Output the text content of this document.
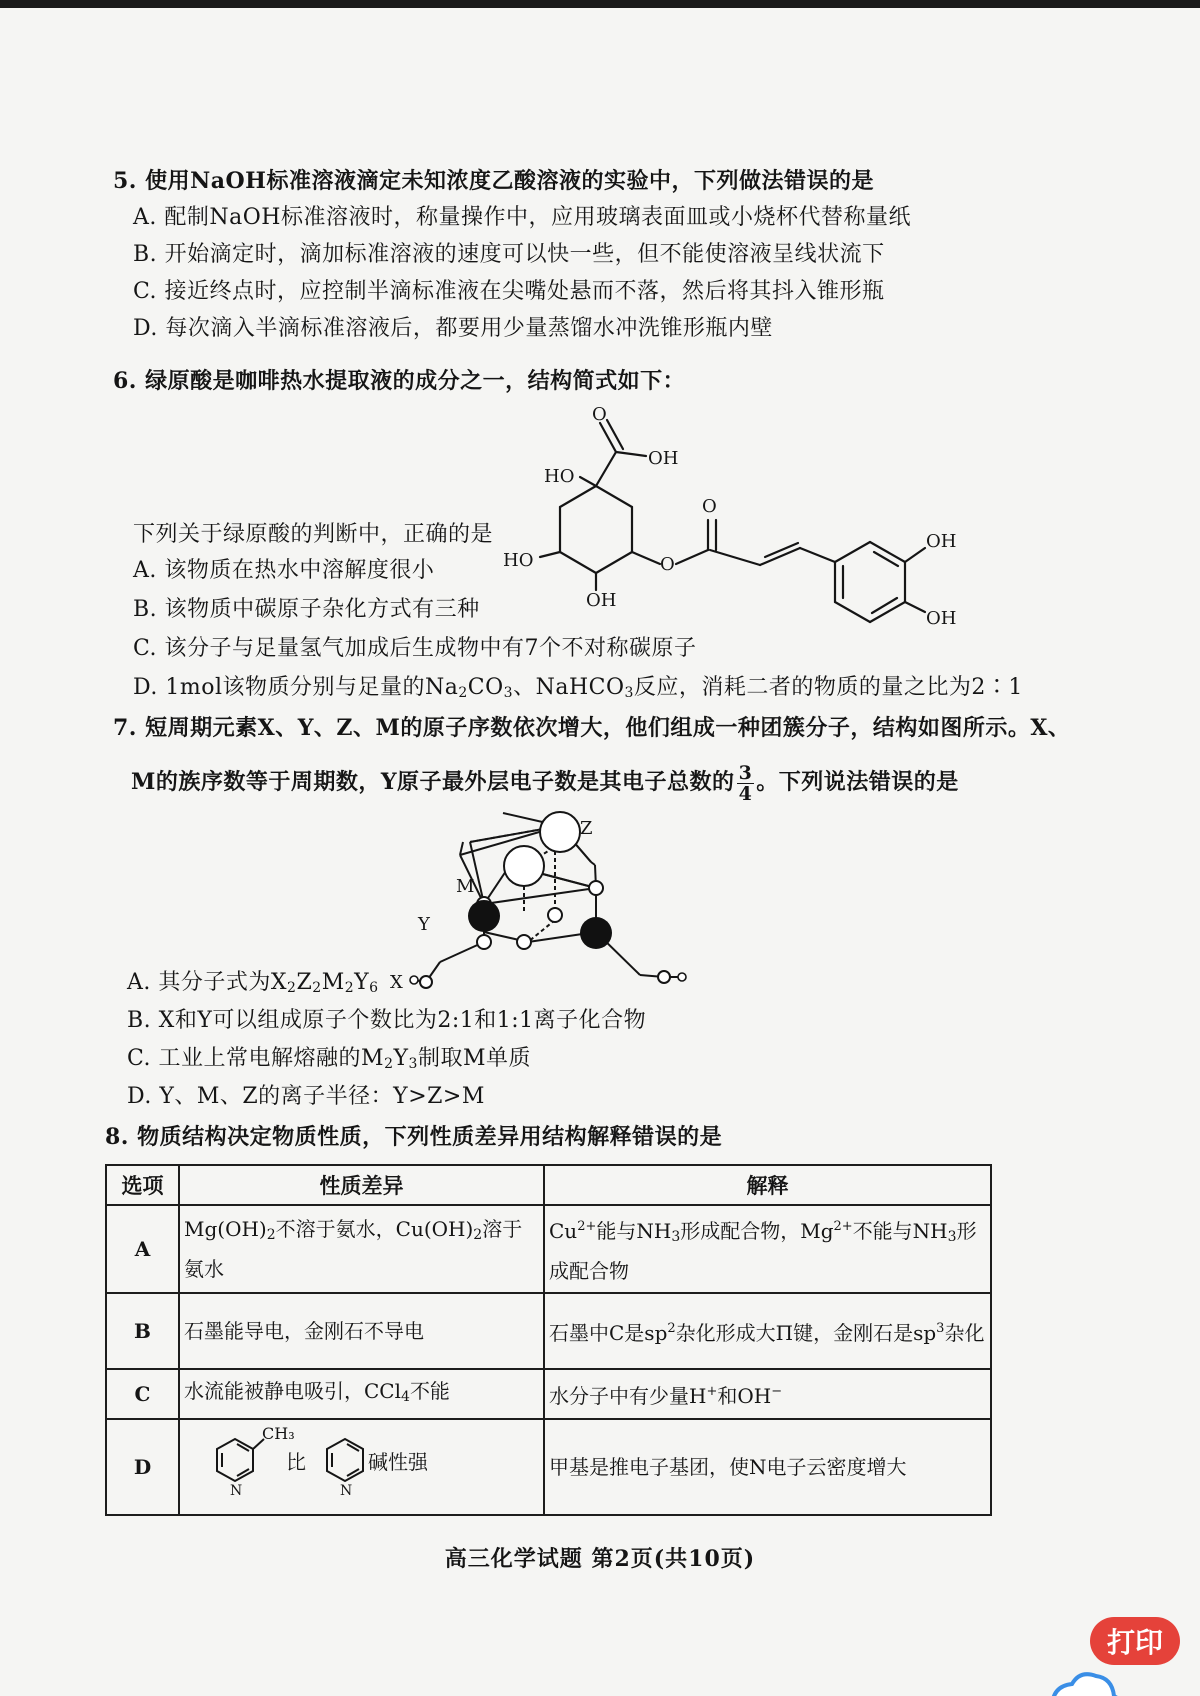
5. 使用NaOH标准溶液滴定未知浓度乙酸溶液的实验中，下列做法错误的是
A. 配制NaOH标准溶液时，称量操作中，应用玻璃表面皿或小烧杯代替称量纸
B. 开始滴定时，滴加标准溶液的速度可以快一些，但不能使溶液呈线状流下
C. 接近终点时，应控制半滴标准液在尖嘴处悬而不落，然后将其抖入锥形瓶
D. 每次滴入半滴标准溶液后，都要用少量蒸馏水冲洗锥形瓶内壁
6. 绿原酸是咖啡热水提取液的成分之一，结构简式如下：
O
OH
HO
O
HO	O
OH
OH
OH
下列关于绿原酸的判断中，正确的是
A. 该物质在热水中溶解度很小
B. 该物质中碳原子杂化方式有三种
C. 该分子与足量氢气加成后生成物中有7个不对称碳原子
D. 1mol该物质分别与足量的$Na_2CO_3$、NaHCO$_3$反应，消耗二者的物质的量之比为2∶1
7. 短周期元素X、Y、Z、M的原子序数依次增大，他们组成一种团簇分子，结构如图所示。X、
M的族序数等于周期数，Y原子最外层电子数是其电子总数的 $\frac{3}{4}$ 。下列说法错误的是
Z
M
Y
X
A. 其分子式为$X_2Z_2M_2Y_6$
B. X和Y可以组成原子个数比为2:1和1:1离子化合物
C. 工业上常电解熔融的$M_2Y_3$制取M单质
D. Y、M、Z的离子半径：Y>Z>M
8. 物质结构决定物质性质，下列性质差异用结构解释错误的是
选项	性质差异	解释
A	$Mg(OH)_2$不溶于氨水，$Cu(OH)_2$溶于氨水	$Cu^{2+}$能与$NH_3$形成配合物，$Mg^{2+}$不能与$NH_3$形成配合物
B	石墨能导电，金刚石不导电	石墨中C是$sp^2$杂化形成大Π键，金刚石是$sp^3$杂化
C	水流能被静电吸引，CCl$_4$不能	水分子中有少量H+和OH−
D	CH₃
N
比
N
碱性强	甲基是推电子基团，使N电子云密度增大
高三化学试题 第2页(共10页)
打印
